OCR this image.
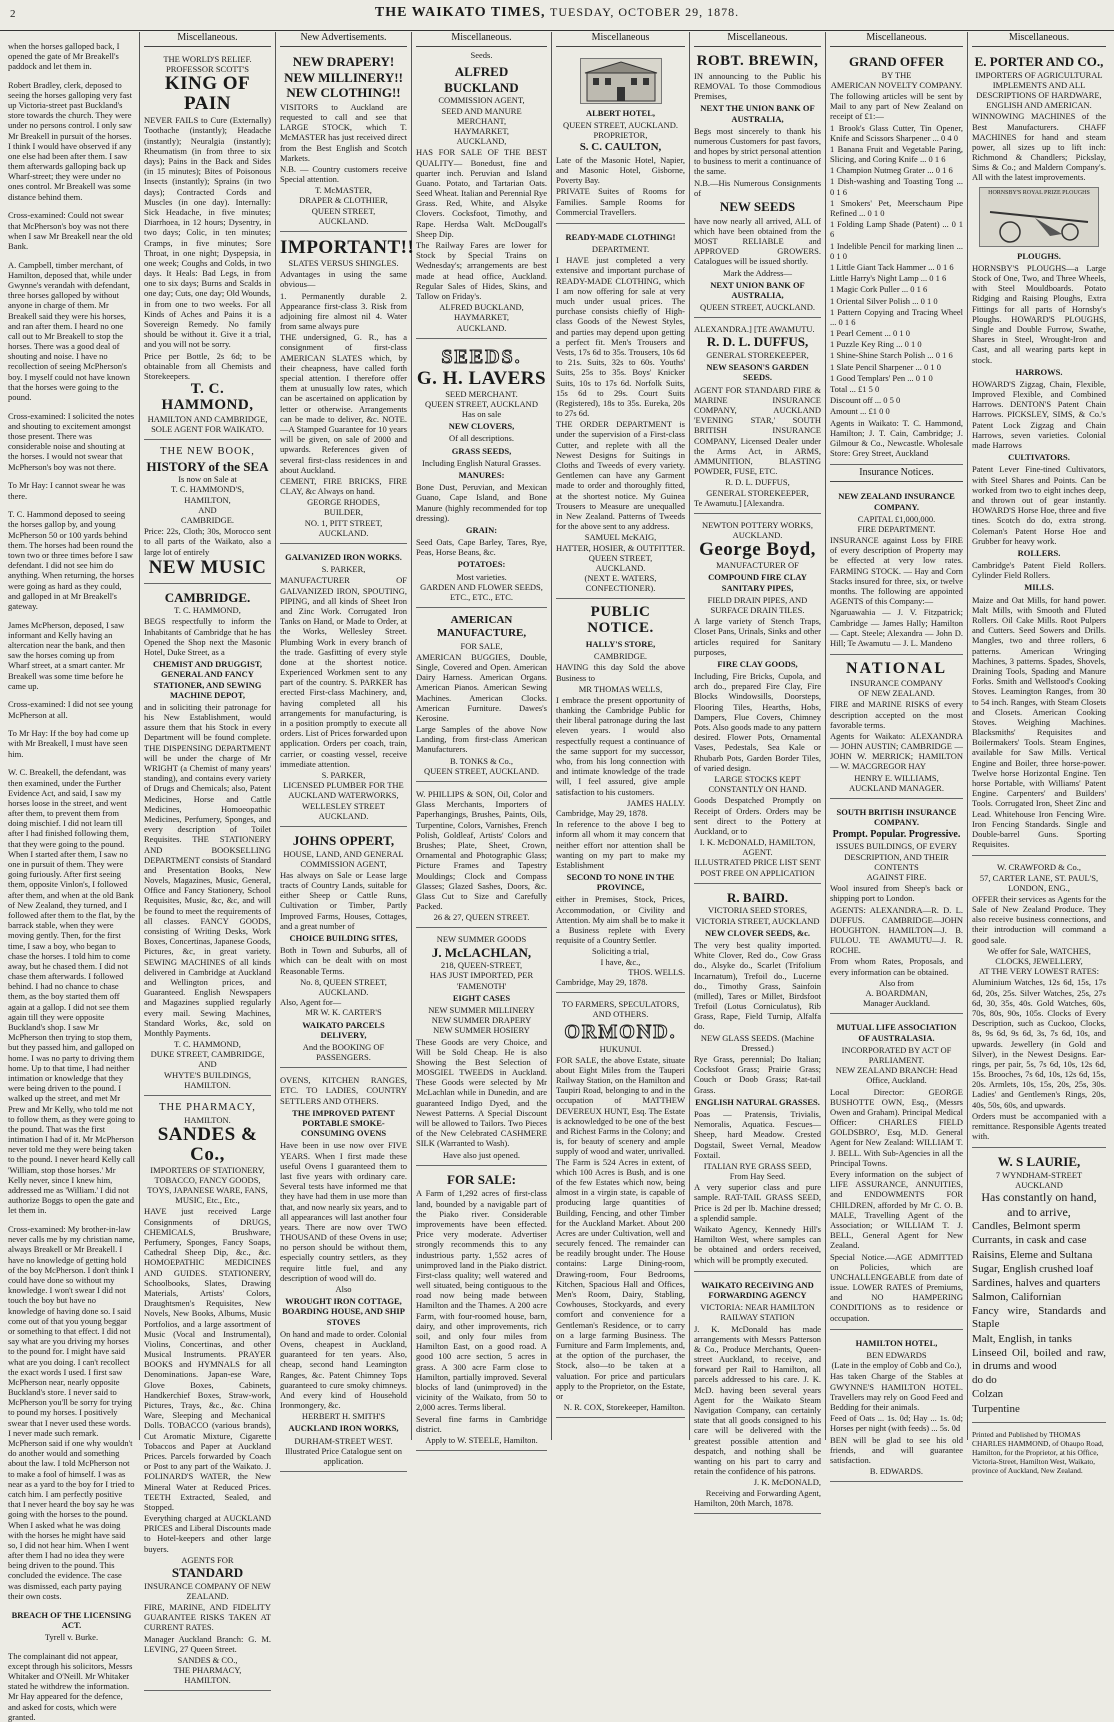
2	THE WAIKATO TIMES, TUESDAY, OCTOBER 29, 1878.

when the horses galloped back, I opened the gate of Mr Breakell's paddock and let them in.

Robert Bradley, clerk, deposed to seeing the horses galloping very fast up Victoria-street past Buckland's store towards the church. They were under no persons control. I only saw Mr Breakell in pursuit of the horses. I think I would have observed if any one else had been after them. I saw them afterwards galloping back up Wharf-street; they were under no ones control. Mr Breakell was some distance behind them.

Cross-examined: Could not swear that McPherson's boy was not there when I saw Mr Breakell near the old Bank.

A. Campbell, timber merchant, of Hamilton, deposed that, while under Gwynne's verandah with defendant, three horses galloped by without anyone in charge of them. Mr Breakell said they were his horses, and ran after them. I heard no one call out to Mr Breakell to stop the horses. There was a good deal of shouting and noise. I have no recollection of seeing McPherson's boy. I myself could not have known that the horses were going to the pound.

Cross-examined: I solicited the notes and shouting to excitement amongst those present. There was considerable noise and shouting at the horses. I would not swear that McPherson's boy was not there.

To Mr Hay: I cannot swear he was there.

T. C. Hammond deposed to seeing the horses gallop by, and young McPherson 50 or 100 yards behind them. The horses had been round the town two or three times before I saw defendant. I did not see him do anything. When returning, the horses were going as hard as they could, and galloped in at Mr Breakell's gateway.

James McPherson, deposed, I saw informant and Kelly having an altercation near the bank, and then saw the horses coming up from Wharf street, at a smart canter. Mr Breakell was some time before he came up.

Cross-examined: I did not see young McPherson at all.

To Mr Hay: If the boy had come up with Mr Breakell, I must have seen him.

W. C. Breakell, the defendant, was then examined, under the Further Evidence Act, and said, I saw my horses loose in the street, and went after them, to prevent them from doing mischief. I did not learn till after I had finished following them, that they were going to the pound. When I started after them, I saw no one in pursuit of them. They were going furiously. After first seeing them, opposite Vinlon's, I followed after them, and when at the old Bank of New Zealand, they turned, and I followed after them to the flat, by the barrack stable, when they were moving gently. Then, for the first time, I saw a boy, who began to chase the horses. I told him to come away, but he chased them. I did not chase them afterwards. I followed behind. I had no chance to chase them, as the boy started them off again at a gallop. I did not see them again till they were opposite Buckland's shop. I saw Mr McPherson then trying to stop them, but they passed him, and galloped on home. I was no party to driving them home. Up to that time, I had neither intimation or knowledge that they were being driven to the pound. I walked up the street, and met Mr Prew and Mr Kelly, who told me not to follow them, as they were going to the pound. That was the first intimation I had of it. Mr McPherson never told me they were being taken to the pound. I never heard Kelly call 'William, stop those horses.' Mr Kelly never, since I knew him, addressed me as 'William.' I did not authorize Boggs to open the gate and let them in.

Cross-examined: My brother-in-law never calls me by my christian name, always Breakell or Mr Breakell. I have no knowledge of getting hold of the boy McPherson. I don't think I could have done so without my knowledge. I won't swear I did not touch the boy but have no knowledge of having done so. I said come out of that you young beggar or something to that effect. I did not say what are you driving my horses to the pound for. I might have said what are you doing. I can't recollect the exact words I used. I first saw McPherson near, nearly opposite Buckland's store. I never said to McPherson you'll be sorry for trying to pound my horses. I positively swear that I never used these words. I never made such remark. McPherson said if one why wouldn't do another would and something about the law. I told McPherson not to make a fool of himself. I was as near as a yard to the boy for I tried to catch him. I am perfectly positive that I never heard the boy say he was going with the horses to the pound. When I asked what he was doing with the horses he might have said so, I did not hear him. When I went after them I had no idea they were being driven to the pound. This concluded the evidence. The case was dismissed, each party paying their own costs.

BREACH OF THE LICENSING ACT.
Tyrell v. Burke.

The complainant did not appear, except through his solicitors, Messrs Whitaker and O'Neill. Mr Whitaker stated he withdrew the information. Mr Hay appeared for the defence, and asked for costs, which were granted.

Miscellaneous.
THE WORLD'S RELIEF.
PROFESSOR SCOTT'S
KING OF PAIN

NEVER FAILS to Cure (Externally) Toothache (instantly); Headache (instantly); Neuralgia (instantly); Rheumatism (in from three to six days); Pains in the Back and Sides (in 15 minutes); Bites of Poisonous Insects (instantly); Sprains (in two days); Contracted Cords and Muscles (in one day). Internally: Sick Headache, in five minutes; Diarrhoea, in 12 hours; Dysentry, in two days; Colic, in ten minutes; Cramps, in five minutes; Sore Throat, in one night; Dyspepsia, in one week; Coughs and Colds, in two days. It Heals: Bad Legs, in from one to six days; Burns and Scalds in one day; Cuts, one day; Old Wounds, in from one to two weeks. For all Kinds of Aches and Pains it is a Sovereign Remedy. No family should be without it. Give it a trial, and you will not be sorry.

Price per Bottle, 2s 6d; to be obtainable from all Chemists and Storekeepers.

T. C. HAMMOND,
HAMILTON AND CAMBRIDGE,
SOLE AGENT FOR WAIKATO.
THE NEW BOOK,
HISTORY of the SEA
Is now on Sale at
T. C. HAMMOND'S,
HAMILTON,
AND
CAMBRIDGE.

Price: 22s, Cloth; 30s, Morocco sent to all parts of the Waikato, also a large lot of entirely

NEW MUSIC
CAMBRIDGE.
T. C. HAMMOND,

BEGS respectfully to inform the Inhabitants of Cambridge that he has Opened the Shop next the Masonic Hotel, Duke Street, as a

CHEMIST AND DRUGGIST, GENERAL AND FANCY STATIONER, AND SEWING MACHINE DEPOT,

and in soliciting their patronage for his New Establishment, would assure them that his Stock in every Department will be found complete. THE DISPENSING DEPARTMENT will be under the charge of Mr WRIGHT (a Chemist of many years' standing), and contains every variety of Drugs and Chemicals; also, Patent Medicines, Horse and Cattle Medicines, Homoeopathic Medicines, Perfumery, Sponges, and every description of Toilet Requisites. THE STATIONERY AND BOOKSELLING DEPARTMENT consists of Standard and Presentation Books, New Novels, Magazines, Music, General, Office and Fancy Stationery, School Requisites, Music, &c, &c, and will be found to meet the requirements of all classes. FANCY GOODS, consisting of Writing Desks, Work Boxes, Concertinas, Japanese Goods, Pictures, &c, in great variety. SEWING MACHINES of all kinds delivered in Cambridge at Auckland and Wellington prices, and Guaranteed. English Newspapers and Magazines supplied regularly every mail. Sewing Machines, Standard Works, &c, sold on Monthly Payments.

T. C. HAMMOND,
DUKE STREET, CAMBRIDGE,
AND
WHYTE'S BUILDINGS, HAMILTON.
THE PHARMACY,
HAMILTON.
SANDES & Co.,
IMPORTERS OF STATIONERY, TOBACCO, FANCY GOODS, TOYS, JAPANESE WARE, FANS,
MUSIC, Etc., Etc.,

HAVE just received Large Consignments of DRUGS, CHEMICALS, Brushware, Perfumery, Sponges, Fancy Soaps, Cathedral Sheep Dip, &c., &c. HOMOEPATHIC MEDICINES AND GUIDES. STATIONERY, Schoolbooks, Slates, Drawing Materials, Artists' Colors, Draughtsmen's Requisites, New Novels, New Books, Albums, Music Portfolios, and a large assortment of Music (Vocal and Instrumental), Violins, Concertinas, and other Musical Instruments. PRAYER BOOKS and HYMNALS for all Denominations. Japan-ese Ware, Glove Boxes, Cabinets, Handkerchief Boxes, Straw-work, Pictures, Trays, &c., &c. China Ware, Sleeping and Mechanical Dolls. TOBACCO (various brands), Cut Aromatic Mixture, Cigarette Tobaccos and Paper at Auckland Prices. Parcels forwarded by Coach or Post to any part of the Waikato. J. FOLINARD'S WATER, the New Mineral Water at Reduced Prices. TEETH Extracted, Sealed, and Stopped.

Everything charged at AUCKLAND PRICES and Liberal Discounts made to Hotel-keepers and other large buyers.

AGENTS FOR
STANDARD
INSURANCE COMPANY OF NEW ZEALAND.

FIRE, MARINE, AND FIDELITY GUARANTEE RISKS TAKEN AT CURRENT RATES.

Manager Auckland Branch: G. M. LEVING, 27 Queen Street.

SANDES & CO.,
THE PHARMACY,
HAMILTON.
New Advertisements.
NEW DRAPERY!
NEW MILLINERY!!
NEW CLOTHING!!

VISITORS to Auckland are requested to call and see that LARGE STOCK, which T. McMASTER has just received direct from the Best English and Scotch Markets.

N.B. — Country customers receive Special attention.

T. McMASTER,
DRAPER & CLOTHIER,
QUEEN STREET,
AUCKLAND.
IMPORTANT!!
SLATES VERSUS SHINGLES.

Advantages in using the same obvious—

1. Permanently durable 2. Appearance first-class 3. Risk from adjoining fire almost nil 4. Water from same always pure

THE undersigned, G. R., has a consignment of first-class AMERICAN SLATES which, by their cheapness, have called forth special attention. I therefore offer them at unusually low rates, which can be ascertained on application by letter or otherwise. Arrangements can be made to deliver, &c. NOTE.—A Stamped Guarantee for 10 years will be given, on sale of 2000 and upwards. References given of several first-class residences in and about Auckland.

CEMENT, FIRE BRICKS, FIRE CLAY, &c Always on hand.

GEORGE RHODES,
BUILDER,
NO. 1, PITT STREET, AUCKLAND.
GALVANIZED IRON WORKS.
S. PARKER,

MANUFACTURER OF GALVANIZED IRON, SPOUTING, PIPING, and all kinds of Sheet Iron and Zinc Work. Corrugated Iron Tanks on Hand, or Made to Order, at the Works, Wellesley Street. Plumbing Work in every branch of the trade. Gasfitting of every style done at the shortest notice. Experienced Workmen sent to any part of the country. S. PARKER has erected First-class Machinery, and, having completed all his arrangements for manufacturing, is in a position promptly to execute all orders. List of Prices forwarded upon application. Orders per coach, train, carrier, or coasting vessel, receive immediate attention.

S. PARKER,
LICENSED PLUMBER FOR THE AUCKLAND WATERWORKS,
WELLESLEY STREET AUCKLAND.
JOHNS OPPERT,
HOUSE, LAND, AND GENERAL COMMISSION AGENT,

Has always on Sale or Lease large tracts of Country Lands, suitable for either Sheep or Cattle Runs, Cultivation or Timber, Partly Improved Farms, Houses, Cottages, and a great number of

CHOICE BUILDING SITES,

Both in Town and Suburbs, all of which can be dealt with on most Reasonable Terms.

No. 8, QUEEN STREET, AUCKLAND.
Also, Agent for—
MR W. K. CARTER'S
WAIKATO PARCELS DELIVERY,
And the BOOKING OF PASSENGERS.

OVENS, KITCHEN RANGES, ETC. TO LADIES, COUNTRY SETTLERS AND OTHERS.

THE IMPROVED PATENT PORTABLE SMOKE-CONSUMING OVENS

Have been in use now over FIVE YEARS. When I first made these useful Ovens I guaranteed them to last five years with ordinary care. Several tests have informed me that they have had them in use more than that, and now nearly six years, and to all appearances will last another four years. There are now over TWO THOUSAND of these Ovens in use; no person should be without them, especially country settlers, as they require little fuel, and any description of wood will do.

Also
WROUGHT IRON COTTAGE, BOARDING HOUSE, AND SHIP STOVES

On hand and made to order. Colonial Ovens, cheapest in Auckland, guaranteed for ten years. Also, cheap, second hand Leamington Ranges, &c. Patent Chimney Tops guaranteed to cure smoky chimneys. And every kind of Household Ironmongery, &c.

HERBERT H. SMITH'S
AUCKLAND IRON WORKS,
DURHAM-STREET WEST.
Illustrated Price Catalogue sent on application.
Miscellaneous.
Seeds.
ALFRED BUCKLAND
COMMISSION AGENT,
SEED AND MANURE MERCHANT,
HAYMARKET,
AUCKLAND,

HAS FOR SALE OF THE BEST QUALITY— Bonedust, fine and quarter inch. Peruvian and Island Guano. Potato, and Tartarian Oats. Seed Wheat. Italian and Perennial Rye Grass. Red, White, and Alsyke Clovers. Cocksfoot, Timothy, and Rape. Herdsa Walt. McDougall's Sheep Dip.

The Railway Fares are lower for Stock by Special Trains on Wednesday's; arrangements are best made at head office, Auckland. Regular Sales of Hides, Skins, and Tallow on Friday's.

ALFRED BUCKLAND,
HAYMARKET,
AUCKLAND.
SEEDS.
G. H. LAVERS
SEED MERCHANT.
QUEEN STREET, AUCKLAND
Has on sale
NEW CLOVERS,
Of all descriptions.
GRASS SEEDS,
Including English Natural Grasses.
MANURES:

Bone Dust, Peruvian, and Mexican Guano, Cape Island, and Bone Manure (highly recommended for top dressing).

GRAIN:

Seed Oats, Cape Barley, Tares, Rye, Peas, Horse Beans, &c.

POTATOES:
Most varieties.
GARDEN AND FLOWER SEEDS,
ETC., ETC., ETC.
AMERICAN MANUFACTURE,
FOR SALE,

AMERICAN BUGGIES, Double, Single, Covered and Open. American Dairy Harness. American Organs. American Pianos. American Sewing Machines. American Clocks. American Furniture. Dawes's Kerosine.

Large Samples of the above Now Landing, from first-class American Manufacturers.

B. TONKS & Co.,
QUEEN STREET, AUCKLAND.

W. PHILLIPS & SON, Oil, Color and Glass Merchants, Importers of Paperhangings, Brushes, Paints, Oils, Turpentine, Colors, Varnishes, French Polish, Goldleaf, Artists' Colors and Brushes; Plate, Sheet, Crown, Ornamental and Photographic Glass; Picture Frames and Tapestry Mouldings; Clock and Compass Glasses; Glazed Sashes, Doors, &c. Glass Cut to Size and Carefully Packed.

26 & 27, QUEEN STREET.
NEW SUMMER GOODS
J. McLACHLAN,
218, QUEEN-STREET,
HAS JUST IMPORTED, PER 'FAMENOTH'
EIGHT CASES
NEW SUMMER MILLINERY
NEW SUMMER DRAPERY
NEW SUMMER HOSIERY

These Goods are very Choice, and Will be Sold Cheap. He is also Showing the Best Selection of MOSGIEL TWEEDS in Auckland. These Goods were selected by Mr McLachlan while in Dunedin, and are guaranteed Indigo Dyed, and the Newest Patterns. A Special Discount will be allowed to Tailors. Two Pieces of the New Celebrated CASHMERE SILK (Warranted to Wash).

Have also just opened.
FOR SALE:

A Farm of 1,292 acres of first-class land, bounded by a navigable part of the Piako river. Considerable improvements have been effected. Price very moderate. Advertiser strongly recommends this to any industrious party. 1,552 acres of unimproved land in the Piako district. First-class quality; well watered and well situated, being contiguous to the road now being made between Hamilton and the Thames. A 200 acre Farm, with four-roomed house, barn, dairy, and other improvements, rich soil, and only four miles from Hamilton East, on a good road. A good 100 acre section, 5 acres in grass. A 300 acre Farm close to Hamilton, partially improved. Several blocks of land (unimproved) in the vicinity of the Waikato, from 50 to 2,000 acres. Terms liberal.

Several fine farms in Cambridge district.

Apply to W. STEELE, Hamilton.
Miscellaneous
ALBERT HOTEL,
QUEEN STREET, AUCKLAND.
PROPRIETOR,
S. C. CAULTON,

Late of the Masonic Hotel, Napier, and Masonic Hotel, Gisborne, Poverty Bay.

PRIVATE Suites of Rooms for Families. Sample Rooms for Commercial Travellers.

READY-MADE CLOTHING!
DEPARTMENT.

I HAVE just completed a very extensive and important purchase of READY-MADE CLOTHING, which I am now offering for sale at very much under usual prices. The purchase consists chiefly of High-class Goods of the Newest Styles, and parties may depend upon getting a perfect fit. Men's Trousers and Vests, 17s 6d to 35s. Trousers, 10s 6d to 21s. Suits, 32s to 60s. Youths' Suits, 25s to 35s. Boys' Knicker Suits, 10s to 17s 6d. Norfolk Suits, 15s 6d to 29s. Court Suits (Registered), 18s to 35s. Eureka, 20s to 27s 6d.

THE ORDER DEPARTMENT is under the supervision of a First-class Cutter, and replete with all the Newest Designs for Suitings in Cloths and Tweeds of every variety. Gentlemen can have any Garment made to order and thoroughly fitted, at the shortest notice. My Guinea Trousers to Measure are unequalled in New Zealand. Patterns of Tweeds for the above sent to any address.

SAMUEL McKAIG,
HATTER, HOSIER, & OUTFITTER.
QUEEN STREET,
AUCKLAND.
(NEXT E. WATERS, CONFECTIONER).
PUBLIC NOTICE.
HALLY'S STORE,
CAMBRIDGE.

HAVING this day Sold the above Business to

MR THOMAS WELLS,

I embrace the present opportunity of thanking the Cambridge Public for their liberal patronage during the last eleven years. I would also respectfully request a continuance of the same support for my successor, who, from his long connection with and intimate knowledge of the trade will, I feel assured, give ample satisfaction to his customers.

JAMES HALLY.
Cambridge, May 29, 1878.

In reference to the above I beg to inform all whom it may concern that neither effort nor attention shall be wanting on my part to make my Establishment

SECOND TO NONE IN THE PROVINCE,

either in Premises, Stock, Prices, Accommodation, or Civility and Attention. My aim shall be to make it a Business replete with Every requisite of a Country Settler.

Soliciting a trial,
I have, &c.,
THOS. WELLS.
Cambridge, May 29, 1878.
TO FARMERS, SPECULATORS, AND OTHERS.
ORMOND.
HUKUNUI.

FOR SALE, the above Estate, situate about Eight Miles from the Tauperi Railway Station, on the Hamilton and Taupiri Road, belonging to and in the occupation of MATTHEW DEVEREUX HUNT, Esq. The Estate is acknowledged to be one of the best and Richest Farms in the Colony; and is, for beauty of scenery and ample supply of wood and water, unrivalled. The Farm is 524 Acres in extent, of which 100 Acres is Bush, and is one of the few Estates which now, being almost in a virgin state, is capable of producing large quantities of Building, Fencing, and other Timber for the Auckland Market. About 200 Acres are under Cultivation, well and securely fenced. The remainder can be readily brought under. The House contains: Large Dining-room, Drawing-room, Four Bedrooms, Kitchen, Spacious Hall and Offices, Men's Room, Dairy, Stabling, Cowhouses, Stockyards, and every comfort and convenience for a Gentleman's Residence, or to carry on a large farming Business. The Furniture and Farm Implements, and, at the option of the purchaser, the Stock, also—to be taken at a valuation. For price and particulars apply to the Proprietor, on the Estate, or

N. R. COX, Storekeeper, Hamilton.
Miscellaneous.
ROBT. BREWIN,

IN announcing to the Public his REMOVAL To those Commodious Premises,

NEXT THE UNION BANK OF AUSTRALIA,

Begs most sincerely to thank his numerous Customers for past favors, and hopes by strict personal attention to business to merit a continuance of the same.

N.B.—His Numerous Consignments of

NEW SEEDS

have now nearly all arrived, ALL of which have been obtained from the MOST RELIABLE and APPROVED GROWERS. Catalogues will be issued shortly.

Mark the Address—
NEXT UNION BANK OF AUSTRALIA,
QUEEN STREET, AUCKLAND.
ALEXANDRA.] [TE AWAMUTU.
R. D. L. DUFFUS,
GENERAL STOREKEEPER,
NEW SEASON'S GARDEN SEEDS.

AGENT FOR STANDARD FIRE & MARINE INSURANCE COMPANY, AUCKLAND 'EVENING STAR,' SOUTH BRITISH INSURANCE COMPANY, Licensed Dealer under the Arms Act, in ARMS, AMMUNITION, BLASTING POWDER, FUSE, ETC.

R. D. L. DUFFUS,
GENERAL STOREKEEPER,
Te Awamutu.] [Alexandra.
NEWTON POTTERY WORKS, AUCKLAND.
George Boyd,
MANUFACTURER OF
COMPOUND FIRE CLAY SANITARY PIPES,
FIELD DRAIN PIPES, AND SURFACE DRAIN TILES.

A large variety of Stench Traps, Closet Pans, Urinals, Sinks and other articles required for Sanitary purposes,

FIRE CLAY GOODS,

Including, Fire Bricks, Cupola, and arch do., prepared Fire Clay, Fire Blocks Windowsills, Doorsteps, Flooring Tiles, Hearths, Hobs, Dampers, Flue Covers, Chimney Pots. Also goods made to any pattern desired. Flower Pots, Ornamental Vases, Pedestals, Sea Kale or Rhubarb Pots, Garden Border Tiles, of varied design.

LARGE STOCKS KEPT CONSTANTLY ON HAND.

Goods Despatched Promptly on Receipt of Orders. Orders may be sent direct to the Pottery at Auckland, or to

I. K. McDONALD, HAMILTON, AGENT.
ILLUSTRATED PRICE LIST SENT POST FREE ON APPLICATION
R. BAIRD.
VICTORIA SEED STORES,
VICTORIA STREET, AUCKLAND
NEW CLOVER SEEDS, &c.

The very best quality imported. White Clover, Red do., Cow Grass do., Alsyke do., Scarlet (Trifolium Incarnatum), Trefoil do., Lucerne do., Timothy Grass, Sainfoin (milled), Tares or Millet, Birdsfoot Trefoil (Lotus Corniculatus), Rib Grass, Rape, Field Turnip, Alfalfa do.

NEW GLASS SEEDS. (Machine Dressed.)

Rye Grass, perennial; Do Italian; Cocksfoot Grass; Prairie Grass; Couch or Doob Grass; Rat-tail Grass.

ENGLISH NATURAL GRASSES.

Poas — Pratensis, Trivialis, Nemoralis, Aquatica. Fescues—Sheep, hard Meadow. Crested Dogstail, Sweet Vernal, Meadow Foxtail.

ITALIAN RYE GRASS SEED, From Hay Seed.

A very superior class and pure sample. RAT-TAIL GRASS SEED, Price is 2d per lb. Machine dressed; a splendid sample.

Waikato Agency, Kennedy Hill's Hamilton West, where samples can be obtained and orders received, which will be promptly executed.

WAIKATO RECEIVING AND FORWARDING AGENCY
VICTORIA: NEAR HAMILTON RAILWAY STATION

J. K. McDonald has made arrangements with Messrs Patterson & Co., Produce Merchants, Queen-street Auckland, to receive, and forward per Rail to Hamilton, all parcels addressed to his care. J. K. McD. having been several years Agent for the Waikato Steam Navigation Company, can certainly state that all goods consigned to his care will be delivered with the greatest possible attention and despatch, and nothing shall be wanting on his part to carry and retain the confidence of his patrons.

J. K. McDONALD,
Receiving and Forwarding Agent,
Hamilton, 20th March, 1878.
Miscellaneous.
GRAND OFFER
BY THE
AMERICAN NOVELTY COMPANY.

The following articles will be sent by Mail to any part of New Zealand on receipt of £1:—

1 Brook's Glass Cutter, Tin Opener, Knife and Scissors Sharpener ... 0 4 0

1 Banana Fruit and Vegetable Paring, Slicing, and Coring Knife ... 0 1 6

1 Champion Nutmeg Grater ... 0 1 6

1 Dish-washing and Toasting Tong ... 0 1 6

1 Smokers' Pet, Meerschaum Pipe Refined ... 0 1 0

1 Folding Lamp Shade (Patent) ... 0 1 6

1 Indelible Pencil for marking linen ... 0 1 0

1 Little Giant Tack Hammer ... 0 1 6

Little Harry's Night Lamp ... 0 1 6

1 Magic Cork Puller ... 0 1 6

1 Oriental Silver Polish ... 0 1 0

1 Pattern Copying and Tracing Wheel ... 0 1 6

1 Pearl Cement ... 0 1 0

1 Puzzle Key Ring ... 0 1 0

1 Shine-Shine Starch Polish ... 0 1 6

1 Slate Pencil Sharpener ... 0 1 0

1 Good Templars' Pen ... 0 1 0

Total ... £1 5 0

Discount off ... 0 5 0

Amount ... £1 0 0

Agents in Waikato: T. C. Hammond, Hamilton; J. T. Cain, Cambridge; J. Gilmour & Co., Newcastle. Wholesale Store: Grey Street, Auckland

Insurance Notices.
NEW ZEALAND INSURANCE COMPANY.
CAPITAL £1,000,000.
FIRE DEPARTMENT.

INSURANCE against Loss by FIRE of every description of Property may be effected at very low rates. FARMING STOCK. — Hay and Corn Stacks insured for three, six, or twelve months. The following are appointed AGENTS of this Company:—

Ngaruawahia — J. V. Fitzpatrick; Cambridge — James Hally; Hamilton — Capt. Steele; Alexandra — John D. Hill; Te Awamutu — J. L. Mandeno

NATIONAL
INSURANCE COMPANY
OF NEW ZEALAND.

FIRE and MARINE RISKS of every description accepted on the most favorable terms.

Agents for Waikato: ALEXANDRA — JOHN AUSTIN; CAMBRIDGE — JOHN W. MERRICK; HAMILTON — W. MACGREGOR HAY

HENRY E. WILLIAMS,
AUCKLAND MANAGER.
SOUTH BRITISH INSURANCE COMPANY.
Prompt. Popular. Progressive.
ISSUES BUILDINGS, OF EVERY DESCRIPTION, AND THEIR CONTENTS
AGAINST FIRE.

Wool insured from Sheep's back or shipping port to London.

AGENTS: ALEXANDRA—R. D. L. DUFFUS. CAMBRIDGE—JOHN HOUGHTON. HAMILTON—J. B. FULOU. TE AWAMUTU—J. R. ROCHE.

From whom Rates, Proposals, and every information can be obtained.

Also from
A. BOARDMAN,
Manager Auckland.
MUTUAL LIFE ASSOCIATION OF AUSTRALASIA.
INCORPORATED BY ACT OF PARLIAMENT.
NEW ZEALAND BRANCH: Head Office, Auckland.

Local Director: GEORGE BUSHOTTE OWN, Esq., (Messrs Owen and Graham). Principal Medical Officer: CHARLES FIELD GOLDSBRO', Esq, M.D. General Agent for New Zealand: WILLIAM T. J. BELL. With Sub-Agencies in all the Principal Towns.

Every information on the subject of LIFE ASSURANCE, ANNUITIES, and ENDOWMENTS FOR CHILDREN, afforded by Mr C. O. B. MALE, Travelling Agent of the Association; or WILLIAM T. J. BELL, General Agent for New Zealand.

Special Notice.—AGE ADMITTED on Policies, which are UNCHALLENGEABLE from date of issue. LOWER RATES of Premiums, and NO HAMPERING CONDITIONS as to residence or occupation.

HAMILTON HOTEL,
BEN EDWARDS
(Late in the employ of Cobb and Co.),

Has taken Charge of the Stables at GWYNNE'S HAMILTON HOTEL. Travellers may rely on Good Feed and Bedding for their animals.

Feed of Oats ... 1s. 0d; Hay ... 1s. 0d; Horses per night (with feeds) ... 5s. 0d

BEN will be glad to see his old friends, and will guarantee satisfaction.

B. EDWARDS.
Miscellaneous.
E. PORTER AND CO.,
IMPORTERS OF AGRICULTURAL IMPLEMENTS AND ALL DESCRIPTIONS OF HARDWARE,
ENGLISH AND AMERICAN.

WINNOWING MACHINES of the Best Manufacturers. CHAFF MACHINES for hand and steam power, all sizes up to lift inch: Richmond & Chandlers; Pickslay, Sims & Co.; and Maldern Company's. All with the latest improvements.

HORNSBY'S ROYAL PRIZE PLOUGHS
PLOUGHS.

HORNSBY'S PLOUGHS—a Large Stock of One, Two, and Three Wheels, with Steel Mouldboards. Potato Ridging and Raising Ploughs, Extra Fittings for all parts of Hornsby's Ploughs. HOWARD'S PLOUGHS, Single and Double Furrow, Swathe, Shares in Steel, Wrought-Iron and Cast, and all wearing parts kept in stock.

HARROWS.

HOWARD'S Zigzag, Chain, Flexible, Improved Flexible, and Combined Harrows. DENTON'S Patent Chain Harrows. PICKSLEY, SIMS, & Co.'s Patent Lock Zigzag and Chain Harrows, seven varieties. Colonial made Harrows

CULTIVATORS.

Patent Lever Fine-tined Cultivators, with Steel Shares and Points. Can be worked from two to eight inches deep, and thrown out of gear instantly. HOWARD'S Horse Hoe, three and five tines. Scotch do do, extra strong. Coleman's Patent Horse Hoe and Grubber for heavy work.

ROLLERS.

Cambridge's Patent Field Rollers. Cylinder Field Rollers.

MILLS.

Maize and Oat Mills, for hand power. Malt Mills, with Smooth and Fluted Rollers. Oil Cake Mills. Root Pulpers and Cutters. Seed Sowers and Drills. Mangles, two and three rollers, 6 patterns. American Wringing Machines, 3 patterns. Spades, Shovels, Draining Tools, Spading and Manure Forks. Smith and Wellstood's Cooking Stoves. Leamington Ranges, from 30 to 54 inch. Ranges, with Steam Closets and Closets. American Cooking Stoves. Weighing Machines. Blacksmiths' Requisites and Boilermakers' Tools. Steam Engines, available for Saw Mills. Vertical Engine and Boiler, three horse-power. Twelve horse Horizontal Engine. Ten horse Portable, with Williams' Patent Engine. Carpenters' and Builders' Tools. Corrugated Iron, Sheet Zinc and Lead. Whitehouse Iron Fencing Wire. Iron Fencing Standards. Single and Double-barrel Guns. Sporting Requisites.

W. CRAWFORD & Co.,
57, CARTER LANE, ST. PAUL'S, LONDON, ENG.,

OFFER their services as Agents for the Sale of New Zealand Produce. They also receive business connections, and their introduction will command a good sale.

We offer for Sale, WATCHES, CLOCKS, JEWELLERY,
AT THE VERY LOWEST RATES:

Aluminium Watches, 12s 6d, 15s, 17s 6d, 20s, 25s. Silver Watches, 25s, 27s 6d, 30, 35s, 40s. Gold Watches, 60s, 70s, 80s, 90s, 105s. Clocks of Every Description, such as Cuckoo, Clocks, 8s, 9s 6d, 9s 6d, 3s, 7s 6d, 10s, and upwards. Jewellery (in Gold and Silver), in the Newest Designs. Ear-rings, per pair, 5s, 7s 6d, 10s, 12s 6d, 15s. Brooches, 7s 6d, 10s, 12s 6d, 15s, 20s. Armlets, 10s, 15s, 20s, 25s, 30s. Ladies' and Gentlemen's Rings, 20s, 40s, 50s, 60s, and upwards.

Orders must be accompanied with a remittance. Responsible Agents treated with.

W. S LAURIE,
7 WYNDHAM-STREET AUCKLAND
Has constantly on hand,
and to arrive,

Candles, Belmont sperm

Currants, in cask and case

Raisins, Eleme and Sultana

Sugar, English crushed loaf

Sardines, halves and quarters

Salmon, Californian

Fancy wire, Standards and Staple

Malt, English, in tanks

Linseed Oil, boiled and raw, in drums and wood

do do

Colzan

Turpentine

Printed and Published by THOMAS CHARLES HAMMOND, of Ohaupo Road, Hamilton, for the Proprietor, at his Office, Victoria-Street, Hamilton West, Waikato, province of Auckland, New Zealand.
